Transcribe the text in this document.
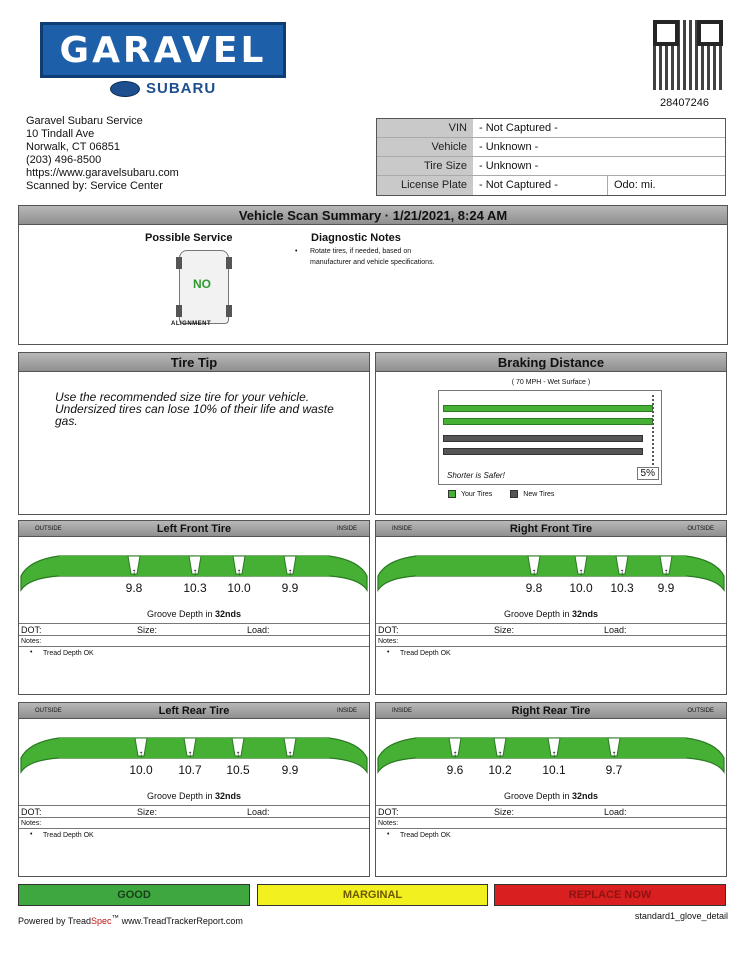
GARAVEL
SUBARU
28407246
Garavel Subaru Service
10 Tindall Ave
Norwalk, CT 06851
(203) 496-8500
https://www.garavelsubaru.com
Scanned by: Service Center
VIN	- Not Captured -
Vehicle	- Unknown -
Tire Size	- Unknown -
License Plate	- Not Captured -	Odo: mi.
Vehicle Scan Summary · 1/21/2021, 8:24 AM
Possible Service
NO
ALIGNMENT
Diagnostic Notes
• Rotate tires, if needed, based on
manufacturer and vehicle specifications.
Tire Tip
Use the recommended size tire for your vehicle. Undersized tires can lose 10% of their life and waste gas.
Braking Distance
( 70 MPH - Wet Surface )
Shorter is Safer!	5%
Your Tires	New Tires
OUTSIDE	Left Front Tire	INSIDE
↑
9.8
↑
10.3
↑
10.0
↑
9.9
Groove Depth in 32nds
DOT:	Size:	Load:
Notes:
• Tread Depth OK
INSIDE	Right Front Tire	OUTSIDE
↑
9.8
↑
10.0
↑
10.3
↑
9.9
Groove Depth in 32nds
DOT:	Size:	Load:
Notes:
• Tread Depth OK
OUTSIDE	Left Rear Tire	INSIDE
↑
10.0
↑
10.7
↑
10.5
↑
9.9
Groove Depth in 32nds
DOT:	Size:	Load:
Notes:
• Tread Depth OK
INSIDE	Right Rear Tire	OUTSIDE
↑
9.6
↑
10.2
↑
10.1
↑
9.7
Groove Depth in 32nds
DOT:	Size:	Load:
Notes:
• Tread Depth OK
GOOD	MARGINAL	REPLACE NOW
Powered by TreadSpec™ www.TreadTrackerReport.com	standard1_glove_detail
